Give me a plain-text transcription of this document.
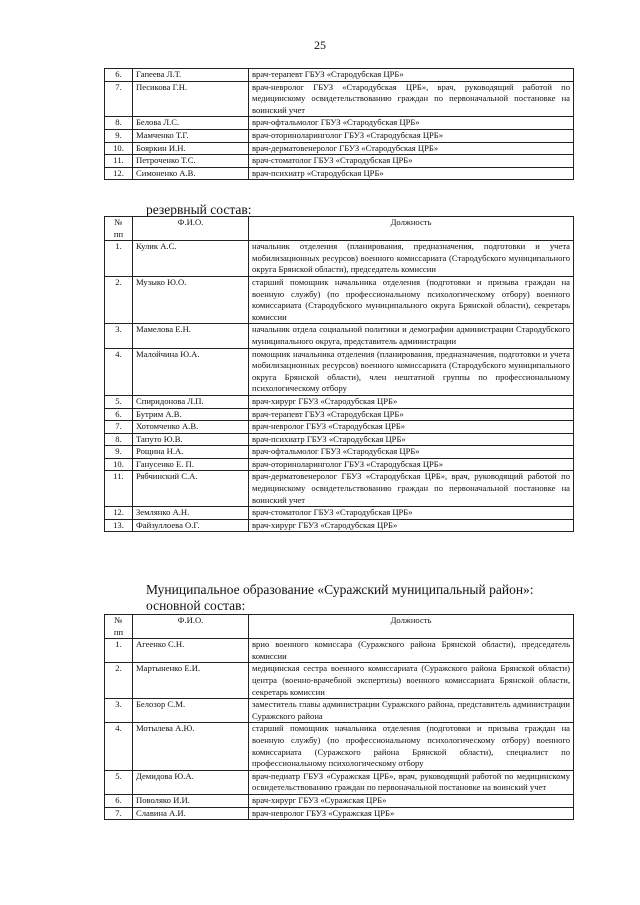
25
6.	Гапеева Л.Т.	врач-терапевт ГБУЗ «Стародубская ЦРБ»
7.	Песикова Г.Н.	врач-невролог ГБУЗ «Стародубская ЦРБ», врач, руководящий работой по медицинскому освидетельствованию граждан по первоначальной постановке на воинский учет
8.	Белова Л.С.	врач-офтальмолог ГБУЗ «Стародубская ЦРБ»
9.	Мамченко Т.Г.	врач-оториноларинголог ГБУЗ «Стародубская ЦРБ»
10.	Бояркин И.Н.	врач-дерматовенеролог ГБУЗ «Стародубская ЦРБ»
11.	Петроченко Т.С.	врач-стоматолог ГБУЗ «Стародубская ЦРБ»
12.	Симоненко А.В.	врач-психиатр «Стародубская ЦРБ»
резервный состав:
№
пп	Ф.И.О.	Должность
1.	Кулик А.С.	начальник отделения (планирования, предназначения, подготовки и учета мобилизационных ресурсов) военного комиссариата (Стародубского муниципального округа Брянской области), председатель комиссии
2.	Музыко Ю.О.	старший помощник начальника отделения (подготовки и призыва граждан на военную службу) (по профессиональному психологическому отбору) военного комиссариата (Стародубского муниципального округа Брянской области), секретарь комиссии
3.	Мамелова Е.Н.	начальник отдела социальной политики и демографии администрации Стародубского муниципального округа, представитель администрации
4.	Малойчина Ю.А.	помощник начальника отделения (планирования, предназначения, подготовки и учета мобилизационных ресурсов) военного комиссариата (Стародубского муниципального округа Брянской области), член нештатной группы по профессиональному психологическому отбору
5.	Спиридонова Л.П.	врач-хирург ГБУЗ «Стародубская ЦРБ»
6.	Бутрим А.В.	врач-терапевт ГБУЗ «Стародубская ЦРБ»
7.	Хотомченко А.В.	врач-невролог ГБУЗ «Стародубская ЦРБ»
8.	Тапуто Ю.В.	врач-психиатр ГБУЗ «Стародубская ЦРБ»
9.	Рощина Н.А.	врач-офтальмолог ГБУЗ «Стародубская ЦРБ»
10.	Ганусенко Е. П.	врач-оториноларинголог ГБУЗ «Стародубская ЦРБ»
11.	Рябчинский С.А.	врач-дерматовенеролог ГБУЗ «Стародубская ЦРБ», врач, руководящий работой по медицинскому освидетельствованию граждан по первоначальной постановке на воинский учет
12.	Землянко А.Н.	врач-стоматолог ГБУЗ «Стародубская ЦРБ»
13.	Файзуллоева О.Г.	врач-хирург ГБУЗ «Стародубская ЦРБ»
Муниципальное образование «Суражский муниципальный район»:
основной состав:
№
пп	Ф.И.О.	Должность
1.	Агеенко С.Н.	врио военного комиссара (Суражского района Брянской области), председатель комиссии
2.	Мартыненко Е.И.	медицинская сестра военного комиссариата (Суражского района Брянской области) центра (военно-врачебной экспертизы) военного комиссариата Брянской области, секретарь комиссии
3.	Белозор С.М.	заместитель главы администрации Суражского района, представитель администрации Суражского района
4.	Мотылева А.Ю.	старший помощник начальника отделения (подготовки и призыва граждан на военную службу) (по профессиональному психологическому отбору) военного комиссариата (Суражского района Брянской области), специалист по профессиональному психологическому отбору
5.	Демидова Ю.А.	врач-педиатр ГБУЗ «Суражская ЦРБ», врач, руководящий работой по медицинскому освидетельствованию граждан по первоначальной постановке на воинский учет
6.	Поволяко И.И.	врач-хирург ГБУЗ «Суражская ЦРБ»
7.	Славина А.И.	врач-невролог ГБУЗ «Суражская ЦРБ»
